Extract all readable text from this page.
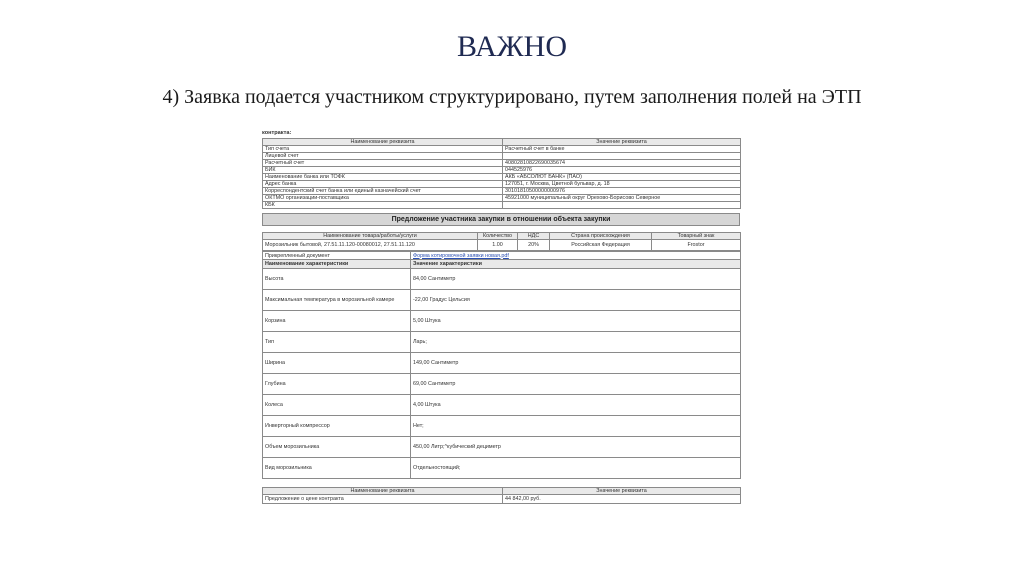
ВАЖНО
4) Заявка подается участником структурировано, путем заполнения полей на ЭТП
контракта:
Наименование реквизита	Значение реквизита
Тип счета	Расчетный счет в банке
Лицевой счет	
Расчетный счет	40802810822690035674
БИК	044525976
Наименование банка или ТОФК	АКБ «АБСОЛЮТ БАНК» (ПАО)
Адрес банка	127051, г. Москва, Цветной бульвар, д. 18
Корреспондентский счет банка или единый казначейский счет	30101810500000000976
ОКТМО организации-поставщика	45921000 муниципальный округ Орехово-Борисово Северное
КБК	
Предложение участника закупки в отношении объекта закупки
Наименование товара/работы/услуги	Количество	НДС	Страна происхождения	Товарный знак
Морозильник бытовой, 27.51.11.120-00080012, 27.51.11.120	1.00	20%	Российская Федерация	Frostor
Прикрепленный документ	Форма котировочной заявки новая.pdf
Наименование характеристики	Значение характеристики
Высота	84,00 Сантиметр
Максимальная температура в морозильной камере	-22,00 Градус Цельсия
Корзина	5,00 Штука
Тип	Ларь;
Ширина	149,00 Сантиметр
Глубина	69,00 Сантиметр
Колеса	4,00 Штука
Инверторный компрессор	Нет;
Объем морозильника	450,00 Литр;^кубический дециметр
Вид морозильника	Отдельностоящий;
Наименование реквизита	Значение реквизита
Предложение о цене контракта	44 842,00 руб.
